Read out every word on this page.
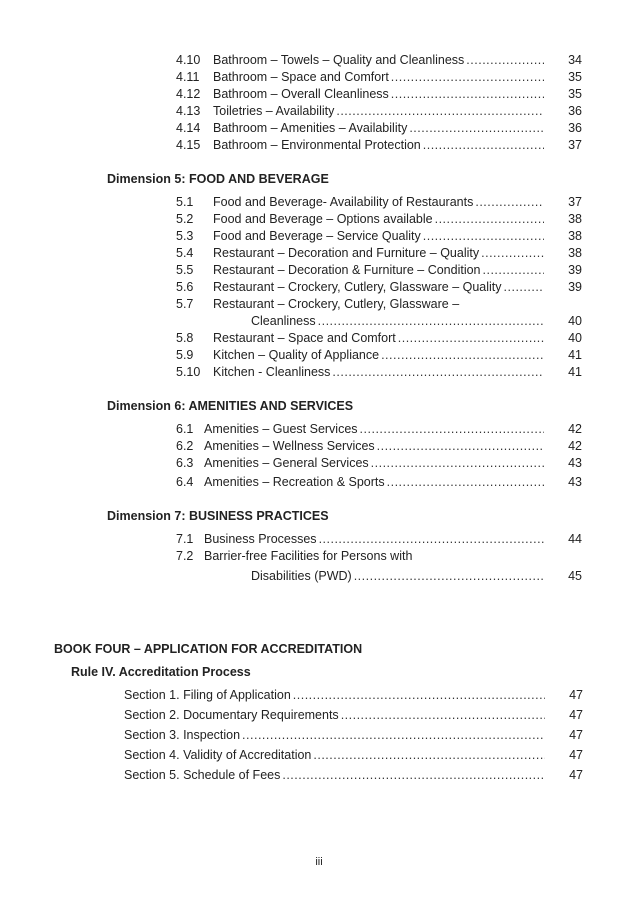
4.10	Bathroom – Towels – Quality and Cleanliness .....	34
4.11	Bathroom – Space and Comfort .....	35
4.12	Bathroom – Overall Cleanliness .....	35
4.13	Toiletries – Availability .....	36
4.14	Bathroom – Amenities – Availability .....	36
4.15	Bathroom – Environmental Protection .....	37
Dimension 5: FOOD AND BEVERAGE
5.1	Food and Beverage- Availability of Restaurants .....	37
5.2	Food and Beverage – Options available .....	38
5.3	Food and Beverage – Service Quality .....	38
5.4	Restaurant – Decoration and Furniture – Quality .....	38
5.5	Restaurant – Decoration & Furniture – Condition .....	39
5.6	Restaurant – Crockery, Cutlery, Glassware – Quality .....	39
5.7	Restaurant – Crockery, Cutlery, Glassware –
Cleanliness .....	40
5.8	Restaurant – Space and Comfort .....	40
5.9	Kitchen – Quality of Appliance .....	41
5.10	Kitchen - Cleanliness .....	41
Dimension 6: AMENITIES AND SERVICES
6.1 Amenities – Guest Services .....	42
6.2 Amenities – Wellness Services .....	42
6.3 Amenities – General Services .....	43
6.4 Amenities – Recreation & Sports .....	43
Dimension 7: BUSINESS PRACTICES
7.1 Business Processes .....	44
7.2 Barrier-free Facilities for Persons with
Disabilities (PWD) .....	45
BOOK FOUR – APPLICATION FOR ACCREDITATION
Rule IV. Accreditation Process
Section 1. Filing of Application .....	47
Section 2. Documentary Requirements .....	47
Section 3. Inspection .....	47
Section 4. Validity of Accreditation .....	47
Section 5. Schedule of Fees .....	47
iii
